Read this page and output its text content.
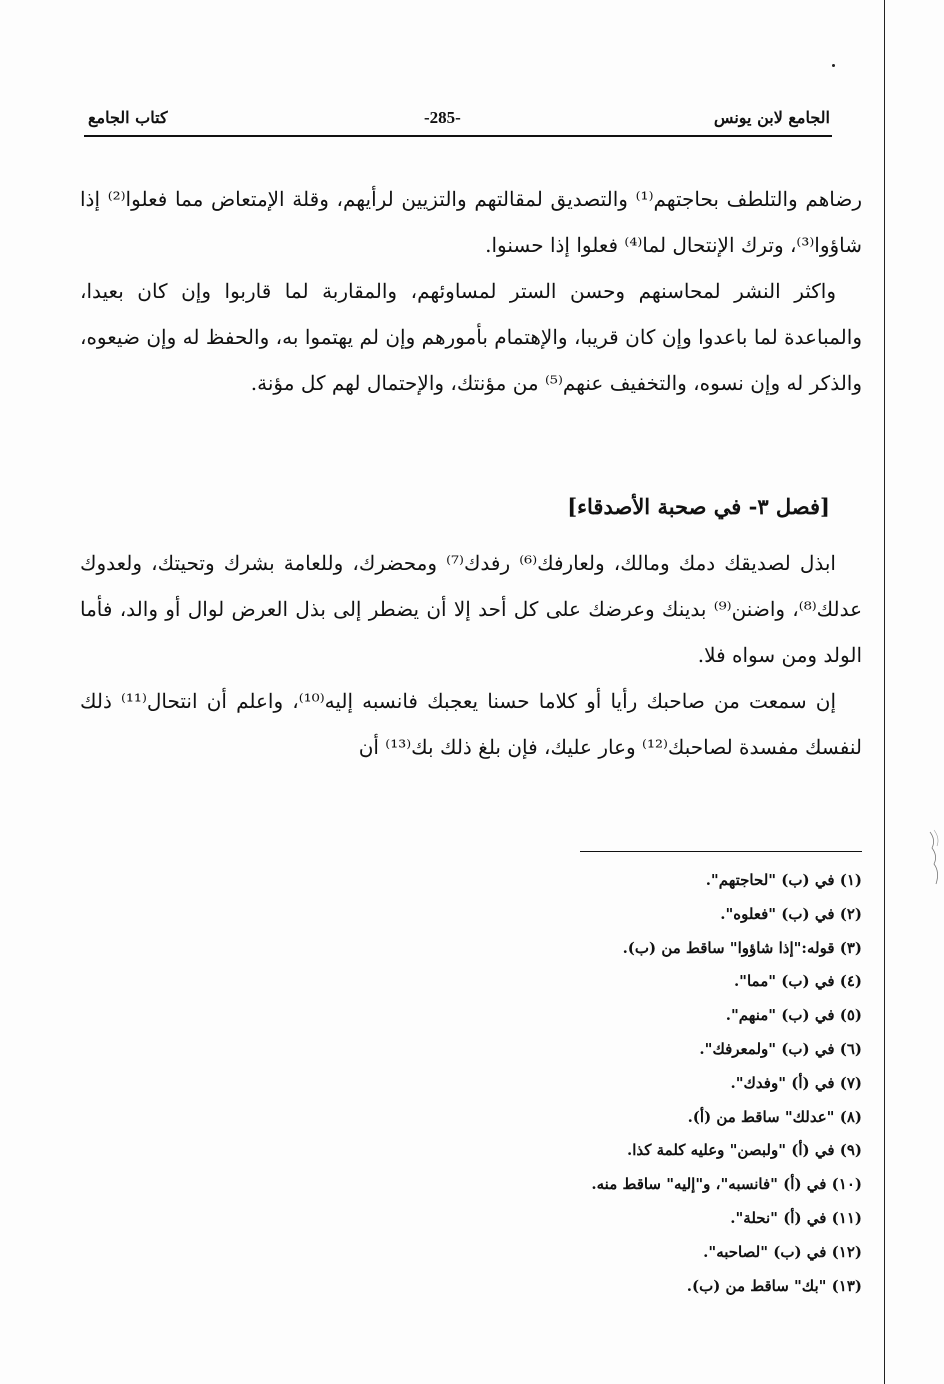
الجامع لابن يونس
-285-
كتاب الجامع

رضاهم والتلطف بحاجتهم⁽¹⁾ والتصديق لمقالتهم والتزيين لرأيهم، وقلة الإمتعاض مما فعلوا⁽²⁾ إذا شاؤوا⁽³⁾، وترك الإنتحال لما⁽⁴⁾ فعلوا إذا حسنوا.

واكثر النشر لمحاسنهم وحسن الستر لمساوئهم، والمقاربة لما قاربوا وإن كان بعيدا، والمباعدة لما باعدوا وإن كان قريبا، والإهتمام بأمورهم وإن لم يهتموا به، والحفظ له وإن ضيعوه، والذكر له وإن نسوه، والتخفيف عنهم⁽⁵⁾ من مؤنتك، والإحتمال لهم كل مؤنة.

[فصل ٣- في صحبة الأصدقاء]

ابذل لصديقك دمك ومالك، ولعارفك⁽⁶⁾ رفدك⁽⁷⁾ ومحضرك، وللعامة بشرك وتحيتك، ولعدوك عدلك⁽⁸⁾، واضنن⁽⁹⁾ بدينك وعرضك على كل أحد إلا أن يضطر إلى بذل العرض لوال أو والد، فأما الولد ومن سواه فلا.

إن سمعت من صاحبك رأيا أو كلاما حسنا يعجبك فانسبه إليه⁽¹⁰⁾، واعلم أن انتحال⁽¹¹⁾ ذلك لنفسك مفسدة لصاحبك⁽¹²⁾ وعار عليك، فإن بلغ ذلك بك⁽¹³⁾ أن

(١) في (ب) "لحاجتهم".
(٢) في (ب) "فعلوه".
(٣) قوله:"إذا شاؤوا" ساقط من (ب).
(٤) في (ب) "مما".
(٥) في (ب) "منهم".
(٦) في (ب) "ولمعرفك".
(٧) في (أ) "وفدك".
(٨) "عدلك" ساقط من (أ).
(٩) في (أ) "ولبصن" وعليه كلمة كذا.
(١٠) في (أ) "فانسبه"، و"إليه" ساقط منه.
(١١) في (أ) "نحلة".
(١٢) في (ب) "لصاحبه".
(١٣) "بك" ساقط من (ب).
